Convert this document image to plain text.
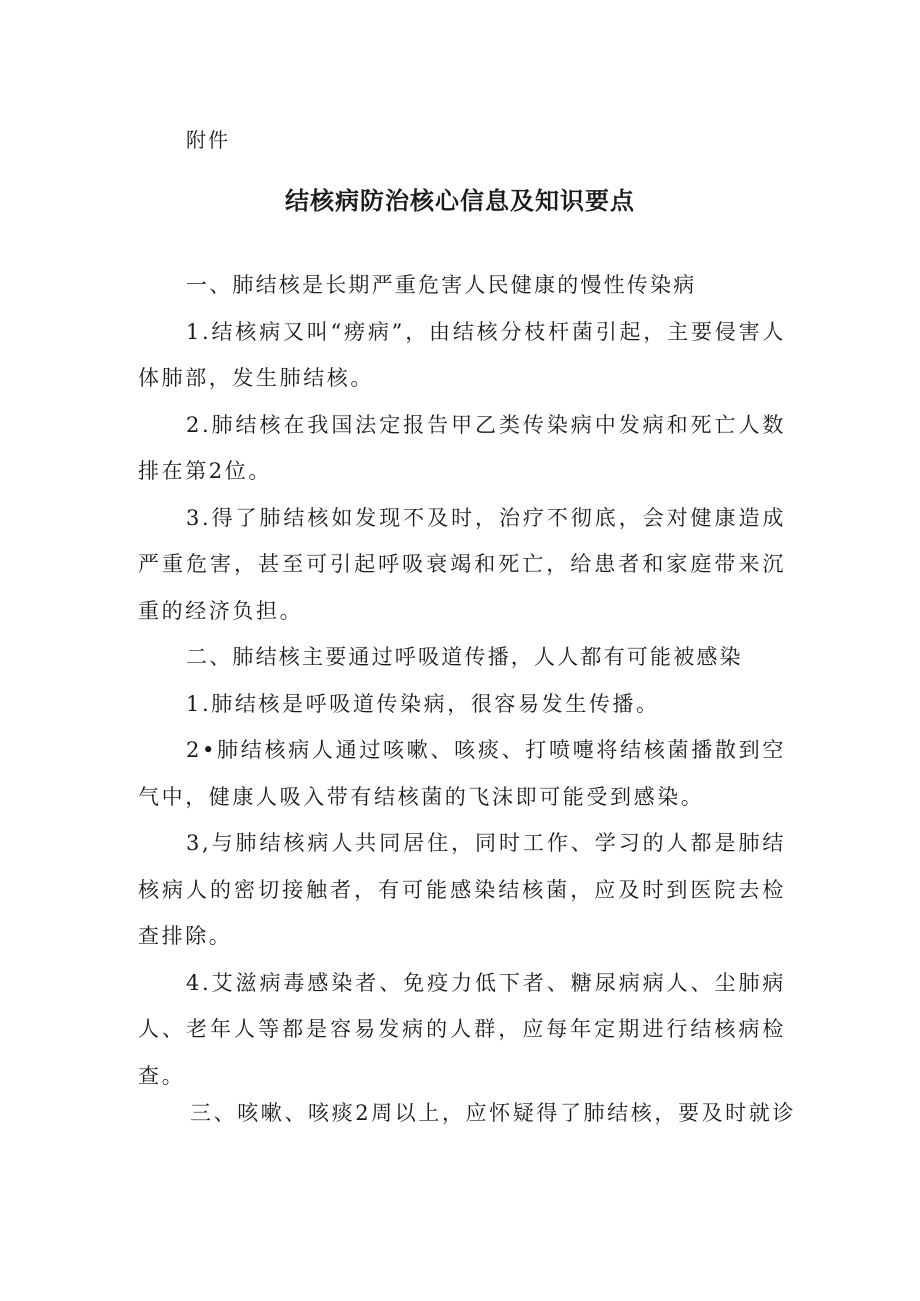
附件
结核病防治核心信息及知识要点

一、肺结核是长期严重危害人民健康的慢性传染病

1.结核病又叫“痨病”，由结核分枝杆菌引起，主要侵害人体肺部，发生肺结核。

2.肺结核在我国法定报告甲乙类传染病中发病和死亡人数排在第2位。

3.得了肺结核如发现不及时，治疗不彻底，会对健康造成严重危害，甚至可引起呼吸衰竭和死亡，给患者和家庭带来沉重的经济负担。

二、肺结核主要通过呼吸道传播，人人都有可能被感染

1.肺结核是呼吸道传染病，很容易发生传播。

2•肺结核病人通过咳嗽、咳痰、打喷嚏将结核菌播散到空气中，健康人吸入带有结核菌的飞沫即可能受到感染。

3,与肺结核病人共同居住，同时工作、学习的人都是肺结核病人的密切接触者，有可能感染结核菌，应及时到医院去检查排除。

4.艾滋病毒感染者、免疫力低下者、糖尿病病人、尘肺病人、老年人等都是容易发病的人群，应每年定期进行结核病检查。

三、咳嗽、咳痰2周以上，应怀疑得了肺结核，要及时就诊
